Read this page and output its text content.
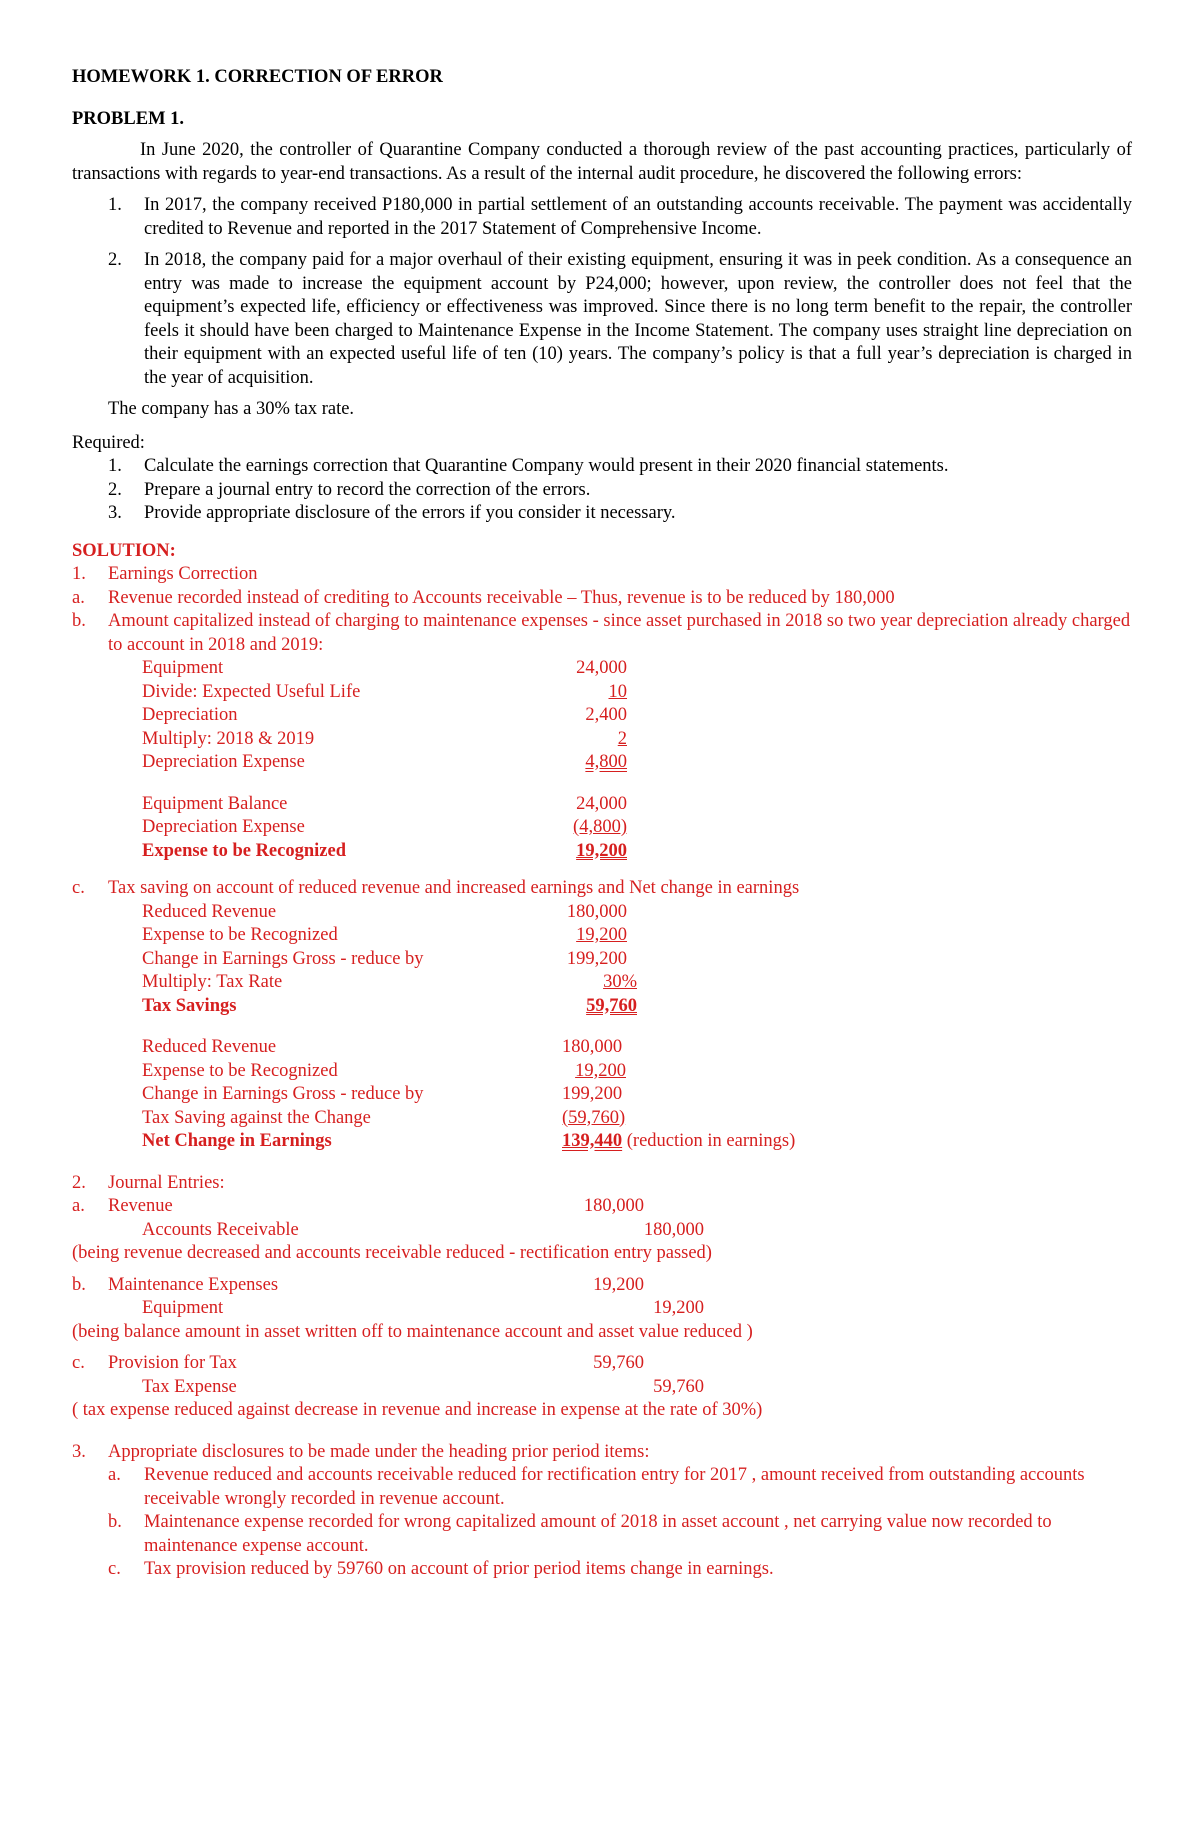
HOMEWORK 1. CORRECTION OF ERROR

PROBLEM 1.

In June 2020, the controller of Quarantine Company conducted a thorough review of the past accounting practices, particularly of transactions with regards to year-end transactions. As a result of the internal audit procedure, he discovered the following errors:

1.	In 2017, the company received P180,000 in partial settlement of an outstanding accounts receivable. The payment was accidentally credited to Revenue and reported in the 2017 Statement of Comprehensive Income.
2.	In 2018, the company paid for a major overhaul of their existing equipment, ensuring it was in peek condition. As a consequence an entry was made to increase the equipment account by P24,000; however, upon review, the controller does not feel that the equipment’s expected life, efficiency or effectiveness was improved. Since there is no long term benefit to the repair, the controller feels it should have been charged to Maintenance Expense in the Income Statement. The company uses straight line depreciation on their equipment with an expected useful life of ten (10) years. The company’s policy is that a full year’s depreciation is charged in the year of acquisition.

The company has a 30% tax rate.

Required:

1.	Calculate the earnings correction that Quarantine Company would present in their 2020 financial statements.
2.	Prepare a journal entry to record the correction of the errors.
3.	Provide appropriate disclosure of the errors if you consider it necessary.

SOLUTION:

1.	Earnings Correction
a.	Revenue recorded instead of crediting to Accounts receivable – Thus, revenue is to be reduced by 180,000
b.	Amount capitalized instead of charging to maintenance expenses - since asset purchased in 2018 so two year depreciation already charged to account in 2018 and 2019:
Equipment	24,000
Divide: Expected Useful Life	10
Depreciation	2,400
Multiply: 2018 & 2019	2
Depreciation Expense	4,800
Equipment Balance	24,000
Depreciation Expense	(4,800)
Expense to be Recognized	19,200
c.	Tax saving on account of reduced revenue and increased earnings and Net change in earnings
Reduced Revenue	180,000
Expense to be Recognized	19,200
Change in Earnings Gross - reduce by	199,200
Multiply: Tax Rate	30%
Tax Savings	59,760
Reduced Revenue	180,000
Expense to be Recognized	19,200
Change in Earnings Gross - reduce by	199,200
Tax Saving against the Change	(59,760)
Net Change in Earnings	139,440 (reduction in earnings)
2.	Journal Entries:
a. Revenue	180,000
Accounts Receivable	180,000

(being revenue decreased and accounts receivable reduced - rectification entry passed)

b. Maintenance Expenses	19,200
Equipment	19,200

(being balance amount in asset written off to maintenance account and asset value reduced )

c. Provision for Tax	59,760
Tax Expense	59,760

( tax expense reduced against decrease in revenue and increase in expense at the rate of 30%)

3.	Appropriate disclosures to be made under the heading prior period items:
a.	Revenue reduced and accounts receivable reduced for rectification entry for 2017 , amount received from outstanding accounts receivable wrongly recorded in revenue account.
b.	Maintenance expense recorded for wrong capitalized amount of 2018 in asset account , net carrying value now recorded to maintenance expense account.
c.	Tax provision reduced by 59760 on account of prior period items change in earnings.
